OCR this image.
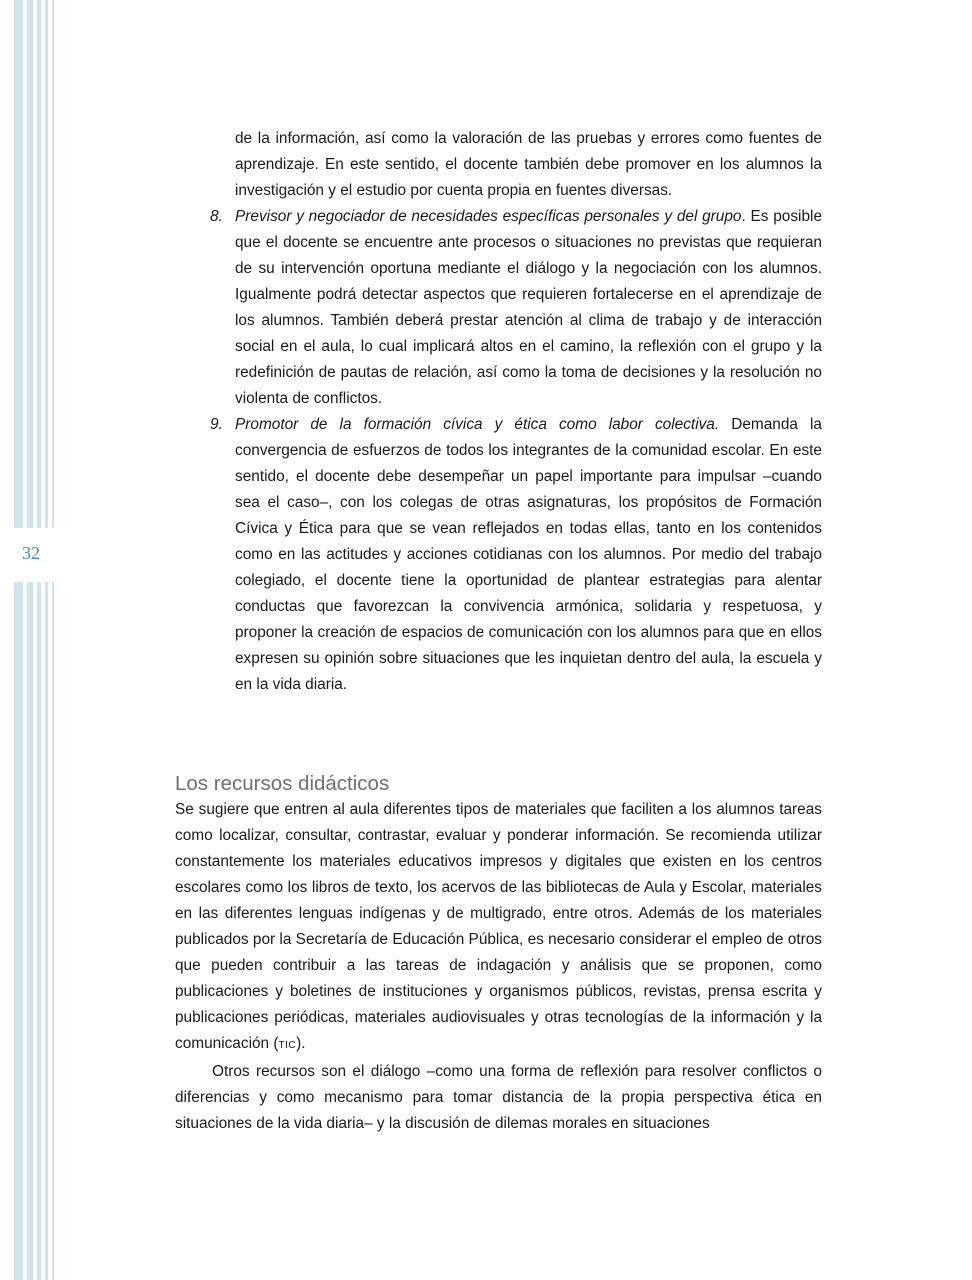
32

de la información, así como la valoración de las pruebas y errores como fuentes de aprendizaje. En este sentido, el docente también debe promover en los alumnos la investigación y el estudio por cuenta propia en fuentes diversas.

8. Previsor y negociador de necesidades específicas personales y del grupo. Es posible que el docente se encuentre ante procesos o situaciones no previstas que requieran de su intervención oportuna mediante el diálogo y la negociación con los alumnos. Igualmente podrá detectar aspectos que requieren fortalecerse en el aprendizaje de los alumnos. También deberá prestar atención al clima de trabajo y de interacción social en el aula, lo cual implicará altos en el camino, la reflexión con el grupo y la redefinición de pautas de relación, así como la toma de decisiones y la resolución no violenta de conflictos.

9. Promotor de la formación cívica y ética como labor colectiva. Demanda la convergencia de esfuerzos de todos los integrantes de la comunidad escolar. En este sentido, el docente debe desempeñar un papel importante para impulsar –cuando sea el caso–, con los colegas de otras asignaturas, los propósitos de Formación Cívica y Ética para que se vean reflejados en todas ellas, tanto en los contenidos como en las actitudes y acciones cotidianas con los alumnos. Por medio del trabajo colegiado, el docente tiene la oportunidad de plantear estrategias para alentar conductas que favorezcan la convivencia armónica, solidaria y respetuosa, y proponer la creación de espacios de comunicación con los alumnos para que en ellos expresen su opinión sobre situaciones que les inquietan dentro del aula, la escuela y en la vida diaria.

Los recursos didácticos

Se sugiere que entren al aula diferentes tipos de materiales que faciliten a los alumnos tareas como localizar, consultar, contrastar, evaluar y ponderar información. Se recomienda utilizar constantemente los materiales educativos impresos y digitales que existen en los centros escolares como los libros de texto, los acervos de las bibliotecas de Aula y Escolar, materiales en las diferentes lenguas indígenas y de multigrado, entre otros. Además de los materiales publicados por la Secretaría de Educación Pública, es necesario considerar el empleo de otros que pueden contribuir a las tareas de indagación y análisis que se proponen, como publicaciones y boletines de instituciones y organismos públicos, revistas, prensa escrita y publicaciones periódicas, materiales audiovisuales y otras tecnologías de la información y la comunicación (TIC).

Otros recursos son el diálogo –como una forma de reflexión para resolver conflictos o diferencias y como mecanismo para tomar distancia de la propia perspectiva ética en situaciones de la vida diaria– y la discusión de dilemas morales en situaciones
